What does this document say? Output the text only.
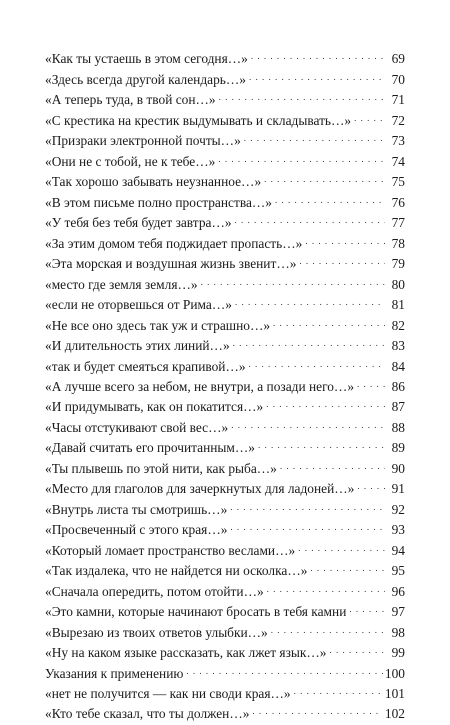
«Как ты устаешь в этом сегодня…» . . .	69
«Здесь всегда другой календарь…» . . .	70
«А теперь туда, в твой сон…» . . .	71
«С крестика на крестик выдумывать и складывать…» . . .	72
«Призраки электронной почты…» . . .	73
«Они не с тобой, не к тебе…» . . .	74
«Так хорошо забывать неузнанное…» . . .	75
«В этом письме полно пространства…» . . .	76
«У тебя без тебя будет завтра…» . . .	77
«За этим домом тебя поджидает пропасть…» . . .	78
«Эта морская и воздушная жизнь звенит…» . . .	79
«место где земля земля…» . . .	80
«если не оторвешься от Рима…» . . .	81
«Не все оно здесь так уж и страшно…» . . .	82
«И длительность этих линий…» . . .	83
«так и будет смеяться крапивой…» . . .	84
«А лучше всего за небом, не внутри, а позади него…» . . .	86
«И придумывать, как он покатится…» . . .	87
«Часы отстукивают свой вес…» . . .	88
«Давай считать его прочитанным…» . . .	89
«Ты плывешь по этой нити, как рыба…» . . .	90
«Место для глаголов для зачеркнутых для ладоней…» . . .	91
«Внутрь листа ты смотришь…» . . .	92
«Просвеченный с этого края…» . . .	93
«Который ломает пространство веслами…» . . .	94
«Так издалека, что не найдется ни осколка…» . . .	95
«Сначала опередить, потом отойти…» . . .	96
«Это камни, которые начинают бросать в тебя камни . . .	97
«Вырезаю из твоих ответов улыбки…» . . .	98
«Ну на каком языке рассказать, как лжет язык…» . . .	99
Указания к применению . . .	100
«нет не получится — как ни своди края…» . . .	101
«Кто тебе сказал, что ты должен…» . . .	102
